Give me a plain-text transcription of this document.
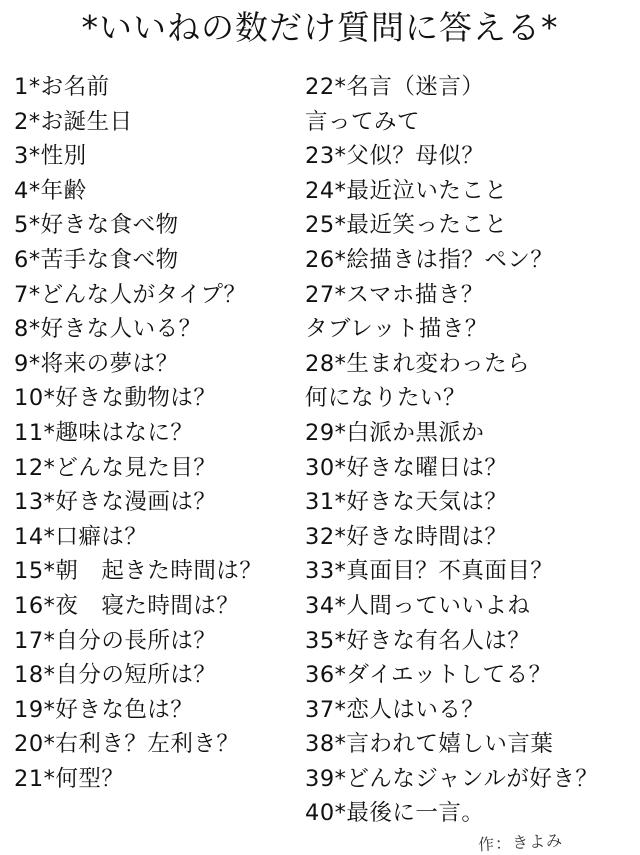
*いいねの数だけ質問に答える*
1*お名前
2*お誕生日
3*性別
4*年齢
5*好きな食べ物
6*苦手な食べ物
7*どんな人がタイプ？
8*好きな人いる？
9*将来の夢は？
10*好きな動物は？
11*趣味はなに？
12*どんな見た目？
13*好きな漫画は？
14*口癖は？
15*朝　起きた時間は？
16*夜　寝た時間は？
17*自分の長所は？
18*自分の短所は？
19*好きな色は？
20*右利き？左利き？
21*何型？
22*名言（迷言）
言ってみて
23*父似？母似？
24*最近泣いたこと
25*最近笑ったこと
26*絵描きは指？ペン？
27*スマホ描き？
タブレット描き？
28*生まれ変わったら
何になりたい？
29*白派か黒派か
30*好きな曜日は？
31*好きな天気は？
32*好きな時間は？
33*真面目？不真面目？
34*人間っていいよね
35*好きな有名人は？
36*ダイエットしてる？
37*恋人はいる？
38*言われて嬉しい言葉
39*どんなジャンルが好き？
40*最後に一言。
作：きよみ
